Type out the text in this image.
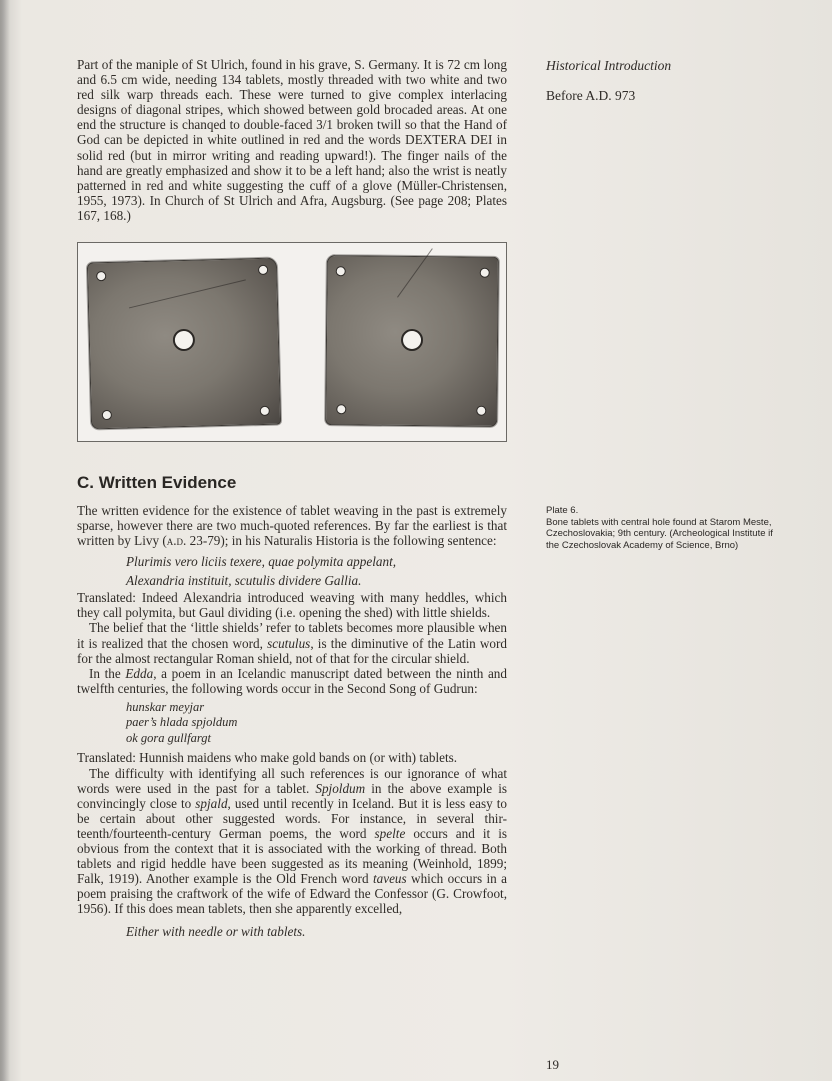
Part of the maniple of St Ulrich, found in his grave, S. Germany. It is 72 cm long and 6.5 cm wide, needing 134 tablets, mostly threaded with two white and two red silk warp threads each. These were turned to give complex interlacing designs of diagonal stripes, which showed between gold brocaded areas. At one end the structure is chanqed to double-faced 3/1 broken twill so that the Hand of God can be depicted in white outlined in red and the words DEXTERA DEI in solid red (but in mirror writing and reading upward!). The finger nails of the hand are greatly emphasized and show it to be a left hand; also the wrist is neatly patterned in red and white suggesting the cuff of a glove (Müller-Christensen, 1955, 1973). In Church of St Ulrich and Afra, Augsburg. (See page 208; Plates 167, 168.)

Historical Introduction
Before A.D. 973
C. Written Evidence

The written evidence for the existence of tablet weaving in the past is extremely sparse, however there are two much-quoted references. By far the earliest is that written by Livy (a.d. 23-79); in his Naturalis Historia is the following sentence:

Plurimis vero liciis texere, quae polymita appelant,
Alexandria instituit, scutulis dividere Gallia.

Translated: Indeed Alexandria introduced weaving with many heddles, which they call polymita, but Gaul dividing (i.e. opening the shed) with little shields.

The belief that the ‘little shields’ refer to tablets becomes more plausible when it is realized that the chosen word, scutulus, is the diminutive of the Latin word for the almost rectangular Roman shield, not of that for the circular shield.

In the Edda, a poem in an Icelandic manuscript dated between the ninth and twelfth centuries, the following words occur in the Second Song of Gudrun:

hunskar meyjar
paer’s hlada spjoldum
ok gora gullfargt

Translated: Hunnish maidens who make gold bands on (or with) tablets.

The difficulty with identifying all such references is our ignorance of what words were used in the past for a tablet. Spjoldum in the above example is convincingly close to spjald, used until recently in Iceland. But it is less easy to be certain about other suggested words. For instance, in several thir-teenth/fourteenth-century German poems, the word spelte occurs and it is obvious from the context that it is associated with the working of thread. Both tablets and rigid heddle have been suggested as its meaning (Weinhold, 1899; Falk, 1919). Another example is the Old French word taveus which occurs in a poem praising the craftwork of the wife of Edward the Confessor (G. Crowfoot, 1956). If this does mean tablets, then she apparently excelled,

Either with needle or with tablets.
Plate 6.
Bone tablets with central hole found at Starom Meste, Czechoslovakia; 9th century. (Archeological Institute if the Czechoslovak Academy of Science, Brno)
19
